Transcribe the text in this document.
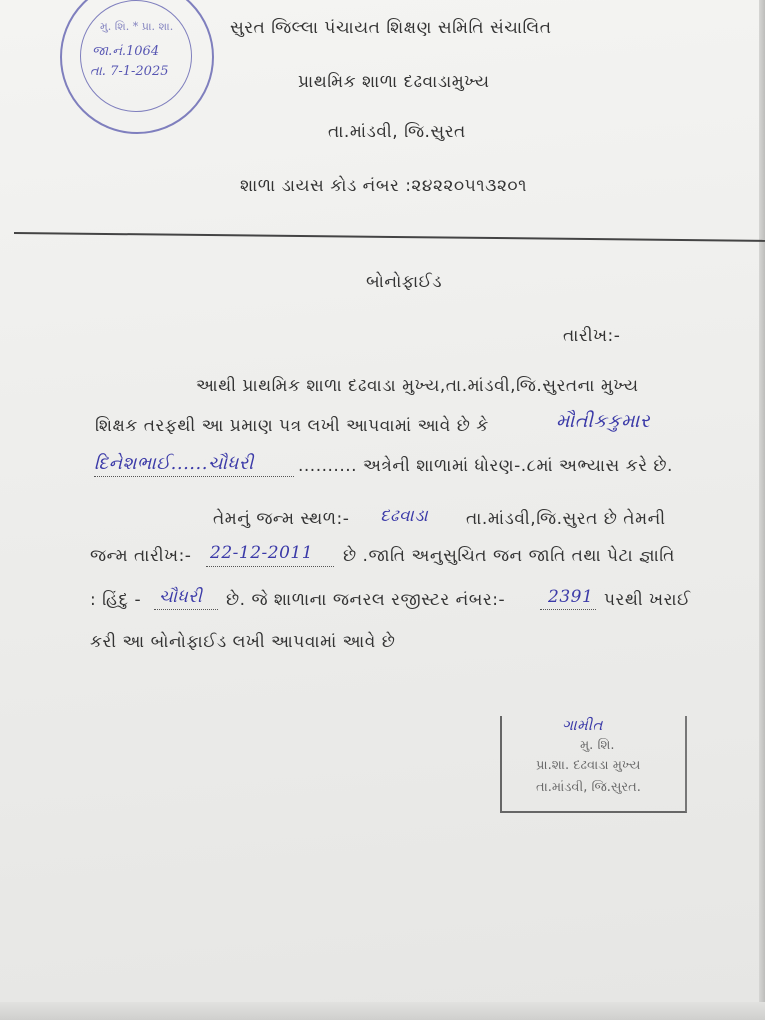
મુ. શિ. * પ્રા. શા.
જા.નં.1064
તા. 7-1-2025
સુરત જિલ્લા પંચાયત શિક્ષણ સમિતિ સંચાલિત
પ્રાથમિક શાળા દઢવાડામુખ્ય
તા.માંડવી, જિ.સુરત
શાળા ડાયસ કોડ નંબર :૨૪૨૨૦૫૧૩૨૦૧
બોનોફાઈડ
તારીખ:-
આથી પ્રાથમિક શાળા દઢવાડા મુખ્ય,તા.માંડવી,જિ.સુરતના મુખ્ય
શિક્ષક તરફથી આ પ્રમાણ પત્ર લખી આપવામાં આવે છે કે	મૌતીકકુમાર
દિનેશભાઈ......ચૌધરી	.......... અત્રેની શાળામાં ધોરણ-.૮માં અભ્યાસ કરે છે.
તેમનું જન્મ સ્થળ:- દઢવાડા તા.માંડવી,જિ.સુરત છે તેમની
જન્મ તારીખ:- 22-12-2011 છે .જાતિ અનુસુચિત જન જાતિ તથા પેટા જ્ઞાતિ
: હિંદુ - ચૌધરી છે. જે શાળાના જનરલ રજીસ્ટર નંબર:-	2391 પરથી ખરાઈ
કરી આ બોનોફાઈડ લખી આપવામાં આવે છે
ગામીત
મુ. શિ.
પ્રા.શા. દઢવાડા મુખ્ય
તા.માંડવી, જિ.સુરત.
